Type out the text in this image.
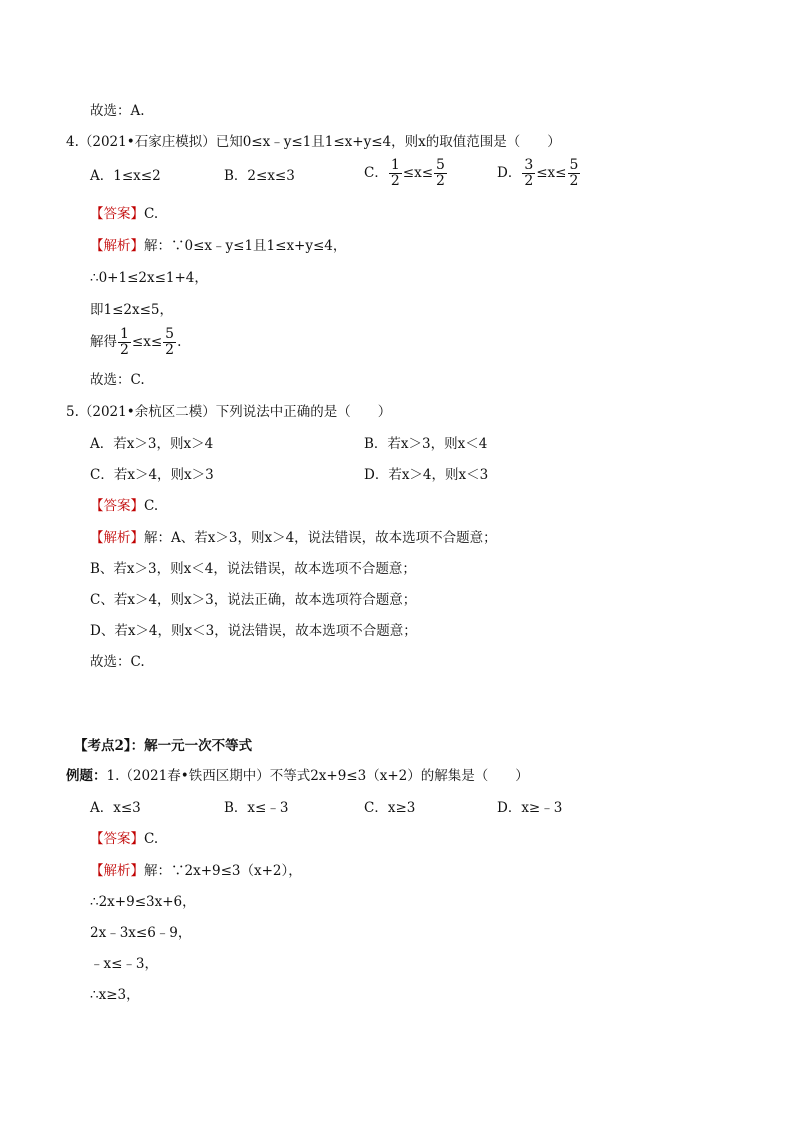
故选：A.
4.（2021•石家庄模拟）已知0≤x﹣y≤1且1≤x+y≤4，则x的取值范围是（　　）
A．1≤x≤2	B．2≤x≤3	C． $\frac{1}{2} \le x\le \frac{5}{2}$	D． $\frac{3}{2} \le x\le \frac{5}{2}$
【答案】C.
【解析】解：∵0≤x﹣y≤1且1≤x+y≤4，
∴0+1≤2x≤1+4，
即1≤2x≤5，
解得 $\frac{1}{2} \le x\le \frac{5}{2}$ .
故选：C.
5.（2021•余杭区二模）下列说法中正确的是（　　）
A．若x＞3，则x＞4	B．若x＞3，则x＜4
C．若x＞4，则x＞3	D．若x＞4，则x＜3
【答案】C.
【解析】解：A、若x＞3，则x＞4，说法错误，故本选项不合题意；
B、若x＞3，则x＜4，说法错误，故本选项不合题意；
C、若x＞4，则x＞3，说法正确，故本选项符合题意；
D、若x＞4，则x＜3，说法错误，故本选项不合题意；
故选：C.
【考点2】：解一元一次不等式
例题：1.（2021春•铁西区期中）不等式2x+9≤3（x+2）的解集是（　　）
A．x≤3	B．x≤﹣3	C．x≥3	D．x≥﹣3
【答案】C.
【解析】解：∵2x+9≤3（x+2），
∴2x+9≤3x+6，
2x﹣3x≤6﹣9，
﹣x≤﹣3，
∴x≥3，
